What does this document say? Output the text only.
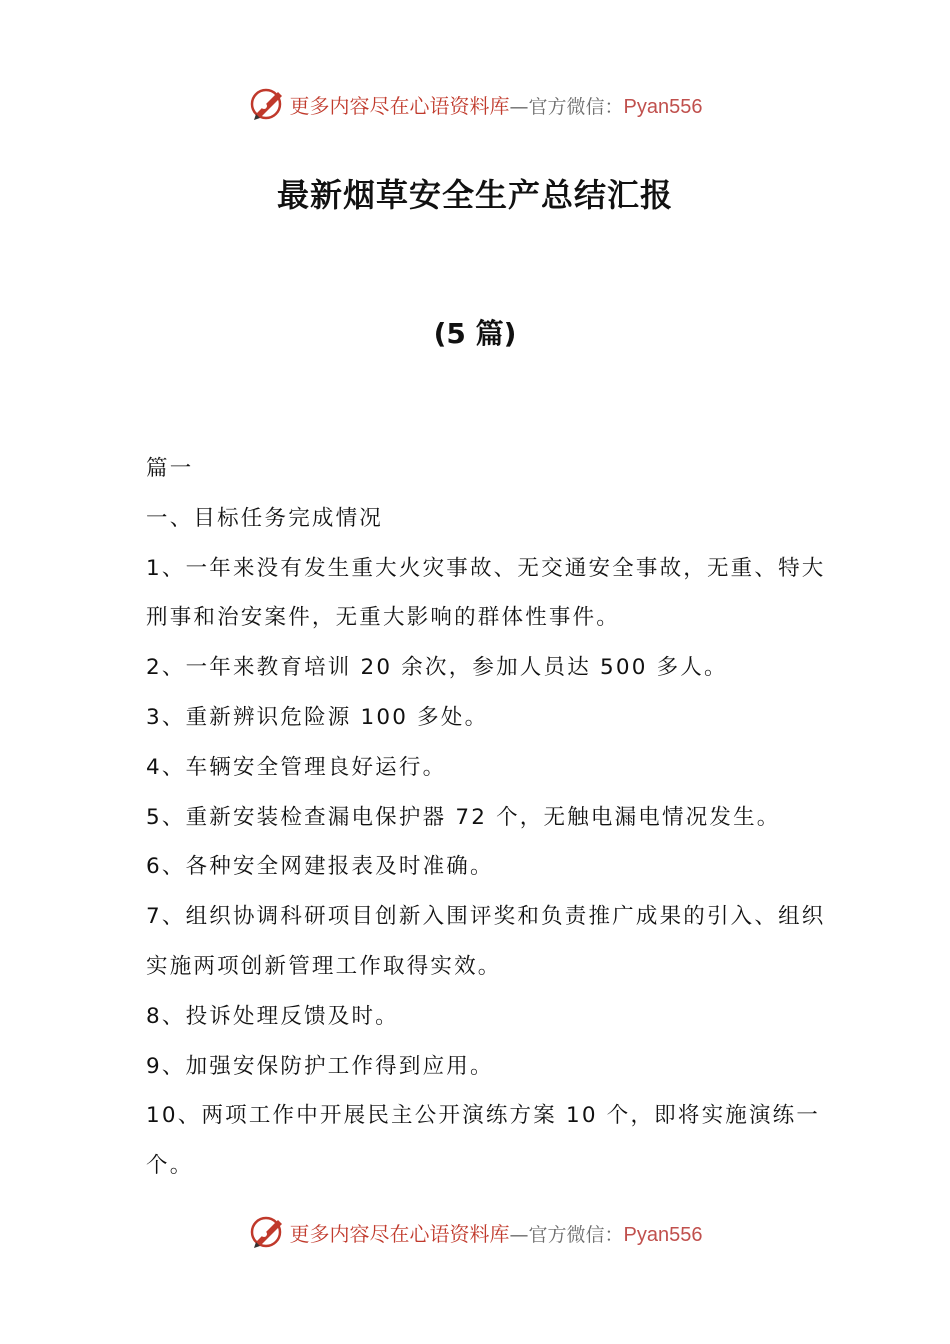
更多内容尽在心语资料库—官方微信：Pyan556
最新烟草安全生产总结汇报
(5 篇)

篇一

一、目标任务完成情况

1、一年来没有发生重大火灾事故、无交通安全事故，无重、特大刑事和治安案件，无重大影响的群体性事件。

2、一年来教育培训 20 余次，参加人员达 500 多人。

3、重新辨识危险源 100 多处。

4、车辆安全管理良好运行。

5、重新安装检查漏电保护器 72 个，无触电漏电情况发生。

6、各种安全网建报表及时准确。

7、组织协调科研项目创新入围评奖和负责推广成果的引入、组织实施两项创新管理工作取得实效。

8、投诉处理反馈及时。

9、加强安保防护工作得到应用。

10、两项工作中开展民主公开演练方案 10 个，即将实施演练一个。

更多内容尽在心语资料库—官方微信：Pyan556
